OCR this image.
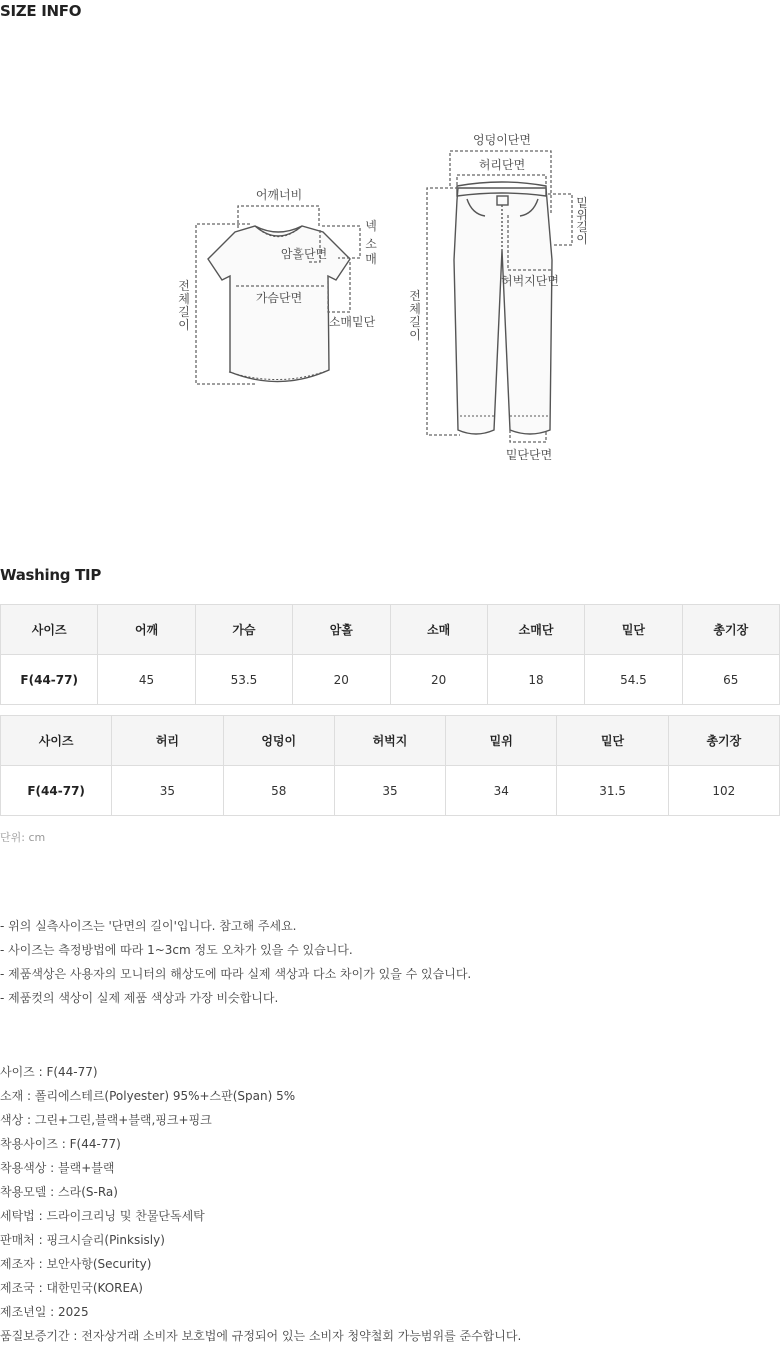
SIZE INFO
어깨너비
암홀단면
가슴단면
소매밑단
넥
소
매
전
체
길
이
엉덩이단면
허리단면
허벅지단면
밑단단면
밑
위
길
이
전
체
길
이
Washing TIP
사이즈	어깨	가슴	암홀	소매	소매단	밑단	총기장
F(44-77)	45	53.5	20	20	18	54.5	65
사이즈	허리	엉덩이	허벅지	밑위	밑단	총기장
F(44-77)	35	58	35	34	31.5	102
단위: cm
- 위의 실측사이즈는 '단면의 길이'입니다. 참고해 주세요.
- 사이즈는 측정방법에 따라 1~3cm 정도 오차가 있을 수 있습니다.
- 제품색상은 사용자의 모니터의 해상도에 따라 실제 색상과 다소 차이가 있을 수 있습니다.
- 제품컷의 색상이 실제 제품 색상과 가장 비슷합니다.
사이즈 : F(44-77)
소재 : 폴리에스테르(Polyester) 95%+스판(Span) 5%
색상 : 그린+그린,블랙+블랙,핑크+핑크
착용사이즈 : F(44-77)
착용색상 : 블랙+블랙
착용모델 : 스라(S-Ra)
세탁법 : 드라이크리닝 및 찬물단독세탁
판매처 : 핑크시슬리(Pinksisly)
제조자 : 보안사항(Security)
제조국 : 대한민국(KOREA)
제조년일 : 2025
품질보증기간 : 전자상거래 소비자 보호법에 규정되어 있는 소비자 청약철회 가능범위를 준수합니다.
